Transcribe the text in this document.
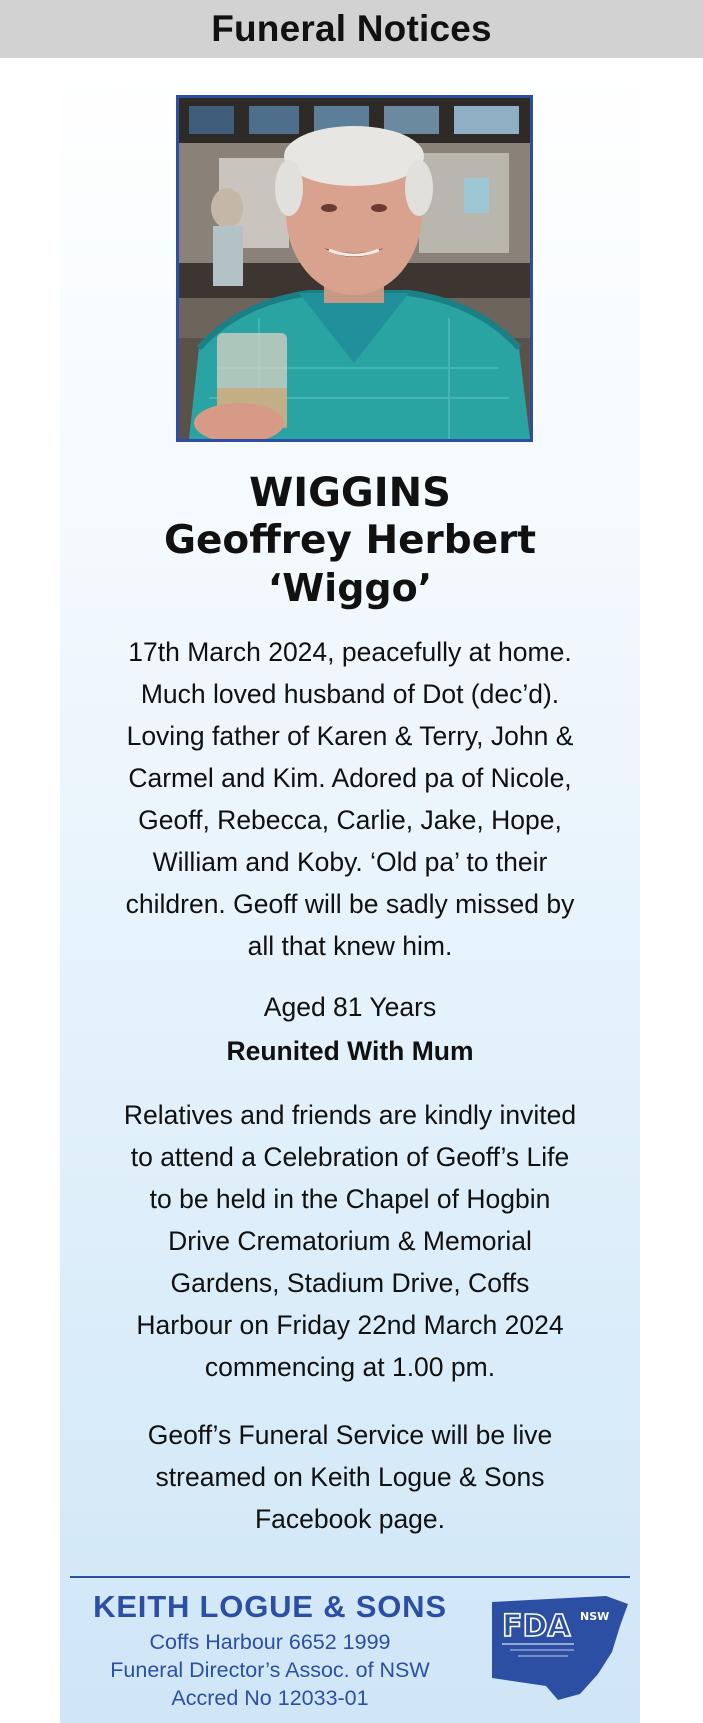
Funeral Notices
WIGGINS
Geoffrey Herbert
‘Wiggo’
17th March 2024, peacefully at home.
Much loved husband of Dot (dec’d).
Loving father of Karen & Terry, John &
Carmel and Kim. Adored pa of Nicole,
Geoff, Rebecca, Carlie, Jake, Hope,
William and Koby. ‘Old pa’ to their
children. Geoff will be sadly missed by
all that knew him.
Aged 81 Years
Reunited With Mum
Relatives and friends are kindly invited
to attend a Celebration of Geoff’s Life
to be held in the Chapel of Hogbin
Drive Crematorium & Memorial
Gardens, Stadium Drive, Coffs
Harbour on Friday 22nd March 2024
commencing at 1.00 pm.
Geoff’s Funeral Service will be live
streamed on Keith Logue & Sons
Facebook page.
KEITH LOGUE & SONS
Coffs Harbour 6652 1999
Funeral Director’s Assoc. of NSW
Accred No 12033-01
FDA NSW
